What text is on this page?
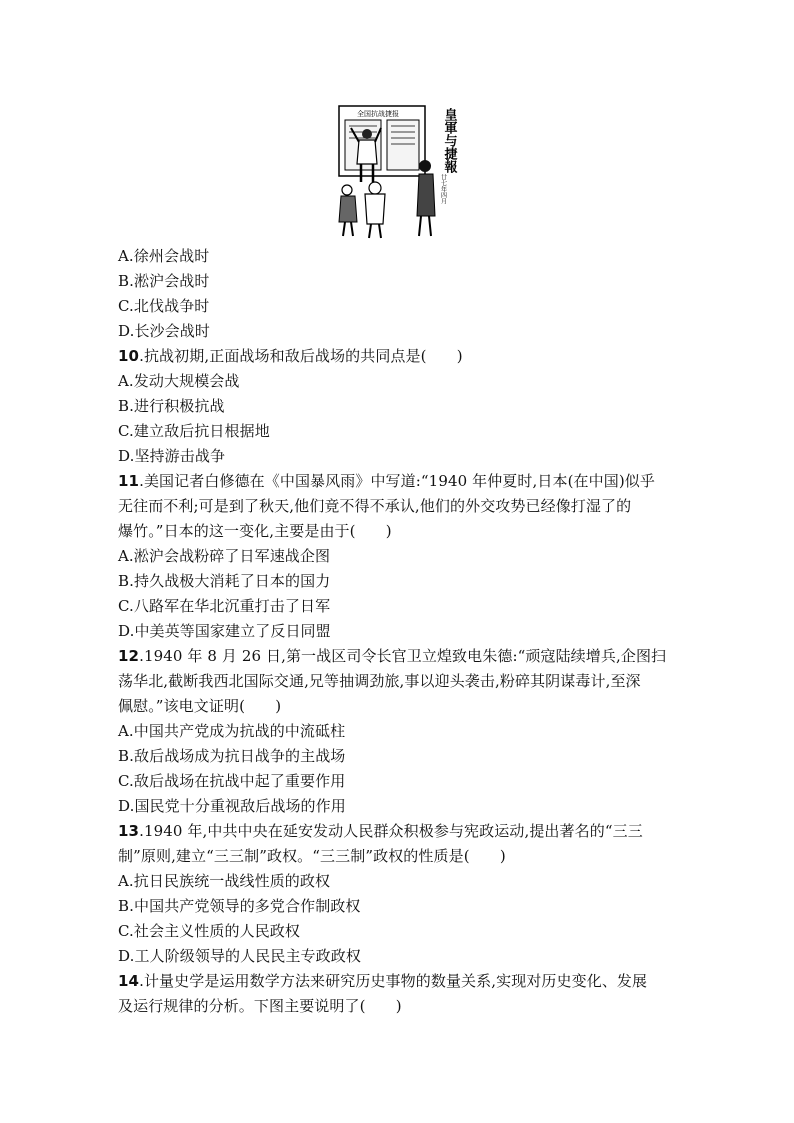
全国抗战捷报	皇軍与捷報
廿七年四月
A.徐州会战时
B.淞沪会战时
C.北伐战争时
D.长沙会战时
10.抗战初期,正面战场和敌后战场的共同点是(　　)
A.发动大规模会战
B.进行积极抗战
C.建立敌后抗日根据地
D.坚持游击战争
11.美国记者白修德在《中国暴风雨》中写道:“1940 年仲夏时,日本(在中国)似乎
无往而不利;可是到了秋天,他们竟不得不承认,他们的外交攻势已经像打湿了的
爆竹。”日本的这一变化,主要是由于(　　)
A.淞沪会战粉碎了日军速战企图
B.持久战极大消耗了日本的国力
C.八路军在华北沉重打击了日军
D.中美英等国家建立了反日同盟
12.1940 年 8 月 26 日,第一战区司令长官卫立煌致电朱德:“顽寇陆续增兵,企图扫
荡华北,截断我西北国际交通,兄等抽调劲旅,事以迎头袭击,粉碎其阴谋毒计,至深
佩慰。”该电文证明(　　)
A.中国共产党成为抗战的中流砥柱
B.敌后战场成为抗日战争的主战场
C.敌后战场在抗战中起了重要作用
D.国民党十分重视敌后战场的作用
13.1940 年,中共中央在延安发动人民群众积极参与宪政运动,提出著名的“三三
制”原则,建立“三三制”政权。“三三制”政权的性质是(　　)
A.抗日民族统一战线性质的政权
B.中国共产党领导的多党合作制政权
C.社会主义性质的人民政权
D.工人阶级领导的人民民主专政政权
14.计量史学是运用数学方法来研究历史事物的数量关系,实现对历史变化、发展
及运行规律的分析。下图主要说明了(　　)
